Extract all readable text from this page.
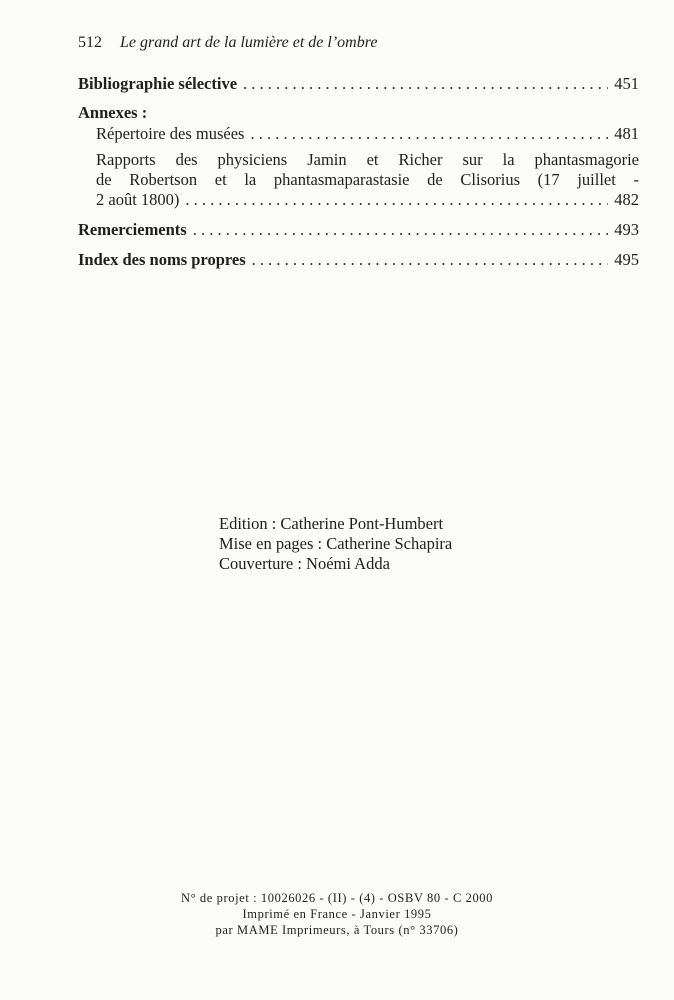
512 Le grand art de la lumière et de l’ombre
Bibliographie sélective . . .	451
Annexes :
Répertoire des musées . . .	481
Rapports des physiciens Jamin et Richer sur la phantasmagorie
de Robertson et la phantasmaparastasie de Clisorius (17 juillet -
2 août 1800) . . .	482
Remerciements . . .	493
Index des noms propres . . .	495
Edition : Catherine Pont-Humbert
Mise en pages : Catherine Schapira
Couverture : Noémi Adda
N° de projet : 10026026 - (II) - (4) - OSBV 80 - C 2000
Imprimé en France - Janvier 1995
par MAME Imprimeurs, à Tours (n° 33706)
